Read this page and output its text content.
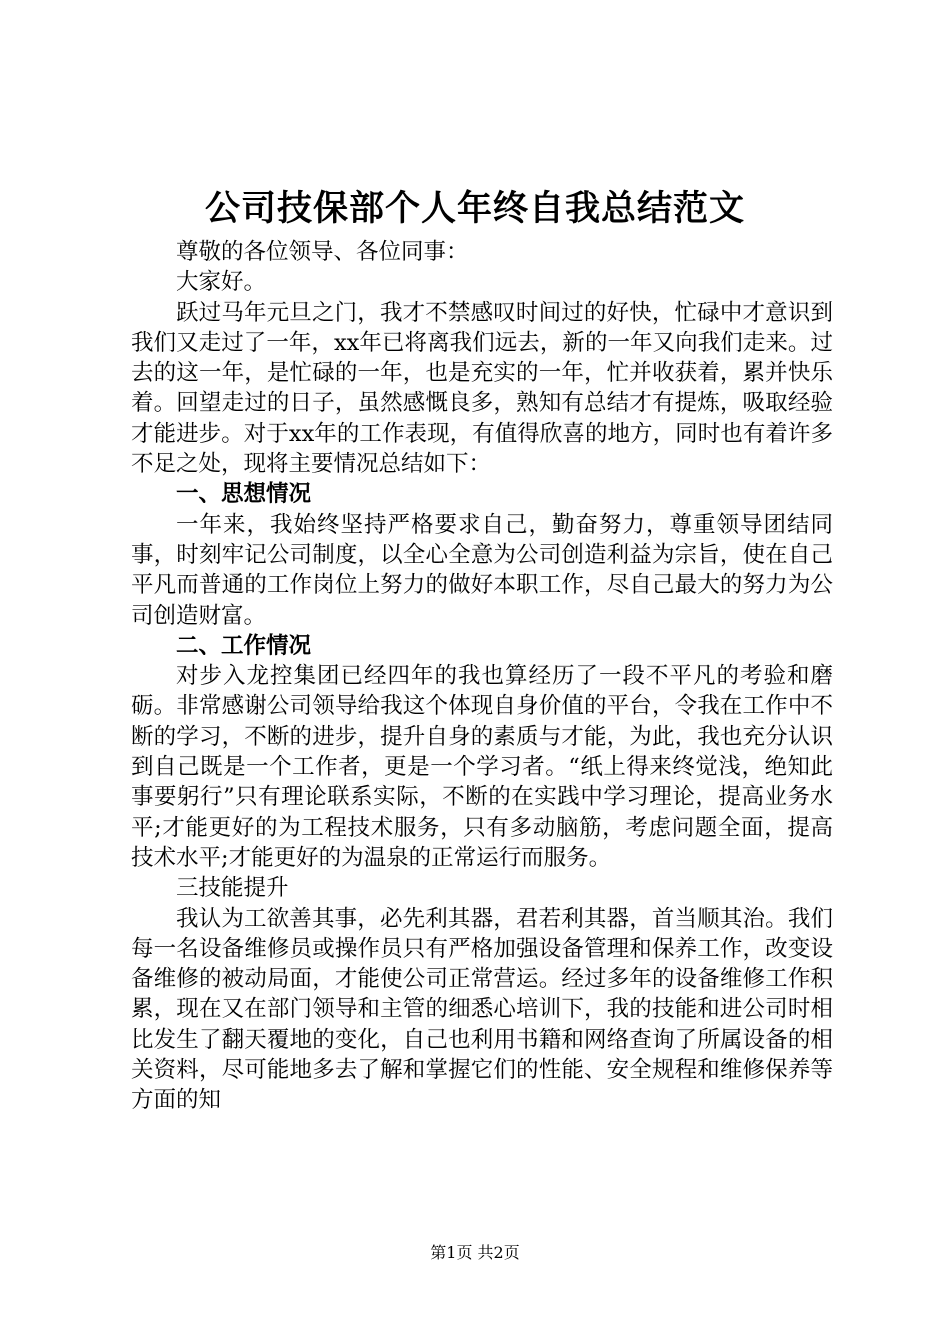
公司技保部个人年终自我总结范文

尊敬的各位领导、各位同事：

大家好。

跃过马年元旦之门，我才不禁感叹时间过的好快，忙碌中才意识到我们又走过了一年，xx年已将离我们远去，新的一年又向我们走来。过去的这一年，是忙碌的一年，也是充实的一年，忙并收获着，累并快乐着。回望走过的日子，虽然感慨良多，熟知有总结才有提炼，吸取经验才能进步。对于xx年的工作表现，有值得欣喜的地方，同时也有着许多不足之处，现将主要情况总结如下：

一、思想情况

一年来，我始终坚持严格要求自己，勤奋努力，尊重领导团结同事，时刻牢记公司制度，以全心全意为公司创造利益为宗旨，使在自己平凡而普通的工作岗位上努力的做好本职工作，尽自己最大的努力为公司创造财富。

二、工作情况

对步入龙控集团已经四年的我也算经历了一段不平凡的考验和磨砺。非常感谢公司领导给我这个体现自身价值的平台，令我在工作中不断的学习，不断的进步，提升自身的素质与才能，为此，我也充分认识到自己既是一个工作者，更是一个学习者。“纸上得来终觉浅，绝知此事要躬行”只有理论联系实际，不断的在实践中学习理论，提高业务水平;才能更好的为工程技术服务，只有多动脑筋，考虑问题全面，提高技术水平;才能更好的为温泉的正常运行而服务。

三技能提升

我认为工欲善其事，必先利其器，君若利其器，首当顺其治。我们每一名设备维修员或操作员只有严格加强设备管理和保养工作，改变设备维修的被动局面，才能使公司正常营运。经过多年的设备维修工作积累，现在又在部门领导和主管的细悉心培训下，我的技能和进公司时相比发生了翻天覆地的变化，自己也利用书籍和网络查询了所属设备的相关资料，尽可能地多去了解和掌握它们的性能、安全规程和维修保养等方面的知

第1页 共2页
